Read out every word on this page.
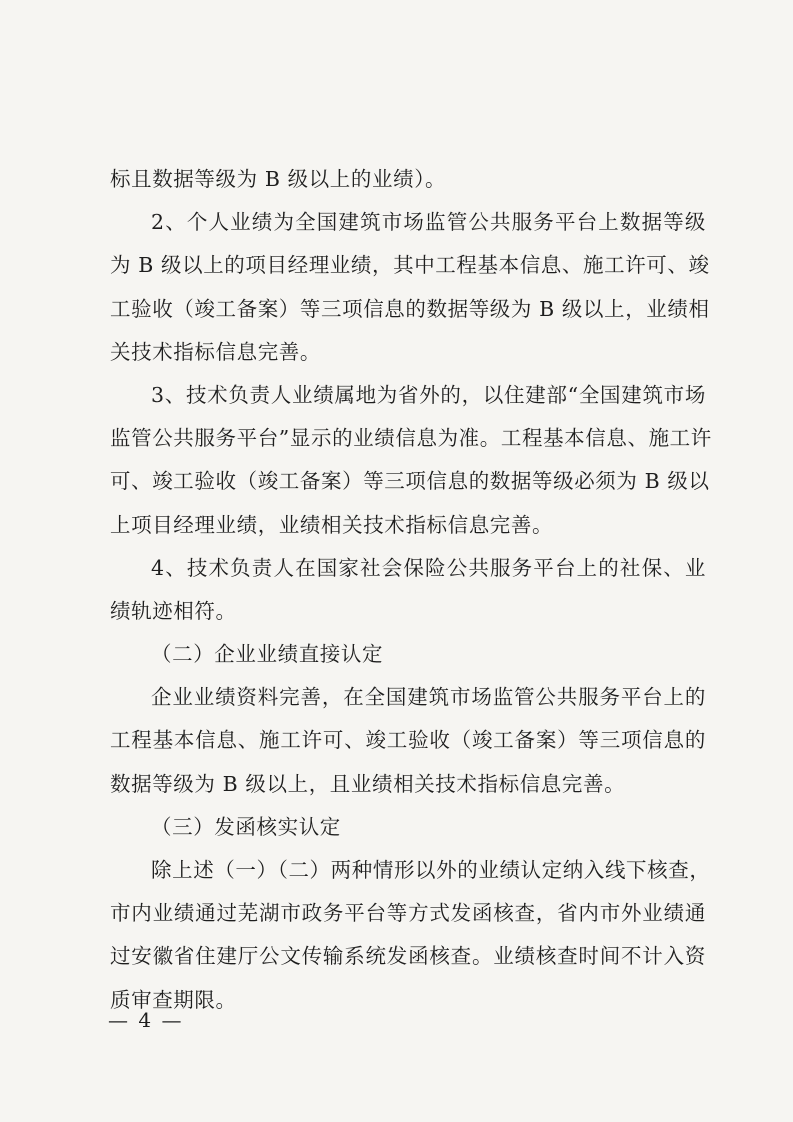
标且数据等级为 B 级以上的业绩）。
2、个人业绩为全国建筑市场监管公共服务平台上数据等级
为 B 级以上的项目经理业绩，其中工程基本信息、施工许可、竣
工验收（竣工备案）等三项信息的数据等级为 B 级以上，业绩相
关技术指标信息完善。
3、技术负责人业绩属地为省外的，以住建部“全国建筑市场
监管公共服务平台”显示的业绩信息为准。工程基本信息、施工许
可、竣工验收（竣工备案）等三项信息的数据等级必须为 B 级以
上项目经理业绩，业绩相关技术指标信息完善。
4、技术负责人在国家社会保险公共服务平台上的社保、业
绩轨迹相符。
（二）企业业绩直接认定
企业业绩资料完善，在全国建筑市场监管公共服务平台上的
工程基本信息、施工许可、竣工验收（竣工备案）等三项信息的
数据等级为 B 级以上，且业绩相关技术指标信息完善。
（三）发函核实认定
除上述（一）（二）两种情形以外的业绩认定纳入线下核查，
市内业绩通过芜湖市政务平台等方式发函核查，省内市外业绩通
过安徽省住建厅公文传输系统发函核查。业绩核查时间不计入资
质审查期限。
— 4 —
